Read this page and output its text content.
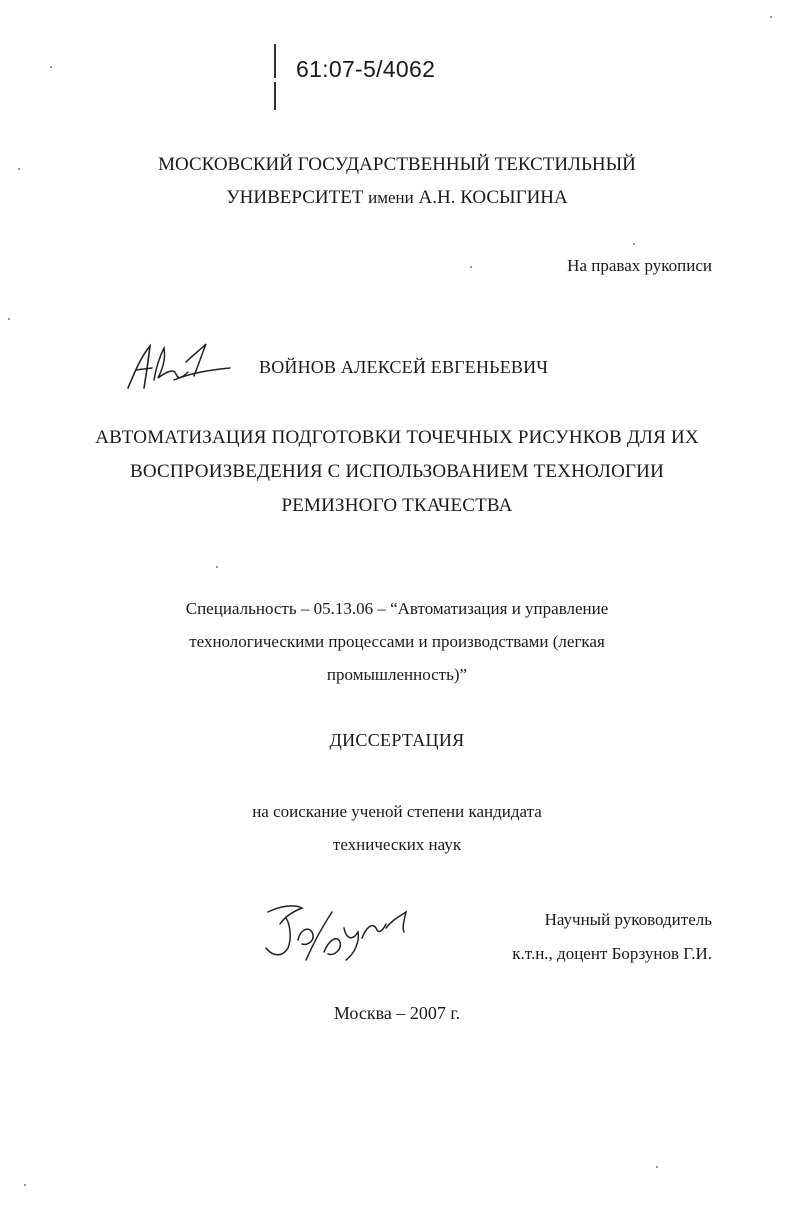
61:07-5/4062
МОСКОВСКИЙ ГОСУДАРСТВЕННЫЙ ТЕКСТИЛЬНЫЙ
УНИВЕРСИТЕТ имени А.Н. КОСЫГИНА
На правах рукописи
ВОЙНОВ АЛЕКСЕЙ ЕВГЕНЬЕВИЧ
АВТОМАТИЗАЦИЯ ПОДГОТОВКИ ТОЧЕЧНЫХ РИСУНКОВ ДЛЯ ИХ
ВОСПРОИЗВЕДЕНИЯ С ИСПОЛЬЗОВАНИЕМ ТЕХНОЛОГИИ
РЕМИЗНОГО ТКАЧЕСТВА
Специальность – 05.13.06 – “Автоматизация и управление
технологическими процессами и производствами (легкая
промышленность)”
ДИССЕРТАЦИЯ
на соискание ученой степени кандидата
технических наук
Научный руководитель
к.т.н., доцент Борзунов Г.И.
Москва – 2007 г.
